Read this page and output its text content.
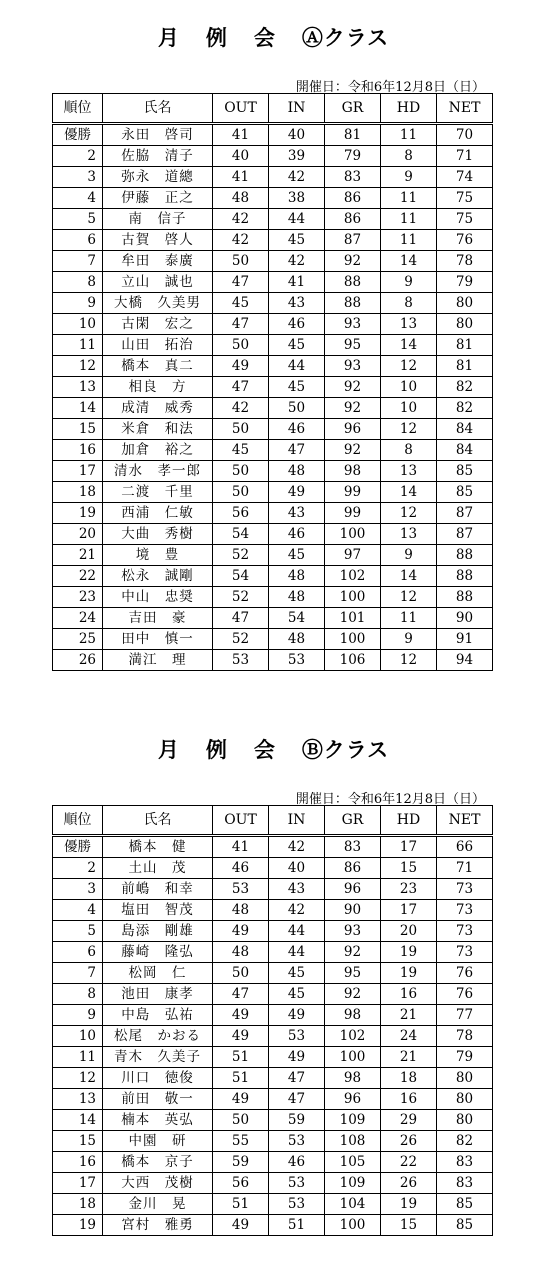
月 例 会 Ⓐクラス
開催日：令和6年12月8日（日）
順位	氏名	OUT	IN	GR	HD	NET
優勝	永田　啓司	41	40	81	11	70
2	佐脇　清子	40	39	79	8	71
3	弥永　道總	41	42	83	9	74
4	伊藤　正之	48	38	86	11	75
5	南　信子	42	44	86	11	75
6	古賀　啓人	42	45	87	11	76
7	牟田　泰廣	50	42	92	14	78
8	立山　誠也	47	41	88	9	79
9	大橋　久美男	45	43	88	8	80
10	古閑　宏之	47	46	93	13	80
11	山田　拓治	50	45	95	14	81
12	橋本　真二	49	44	93	12	81
13	相良　方	47	45	92	10	82
14	成清　威秀	42	50	92	10	82
15	米倉　和法	50	46	96	12	84
16	加倉　裕之	45	47	92	8	84
17	清水　孝一郎	50	48	98	13	85
18	二渡　千里	50	49	99	14	85
19	西浦　仁敏	56	43	99	12	87
20	大曲　秀樹	54	46	100	13	87
21	境　豊	52	45	97	9	88
22	松永　誠剛	54	48	102	14	88
23	中山　忠奨	52	48	100	12	88
24	吉田　豪	47	54	101	11	90
25	田中　慎一	52	48	100	9	91
26	満江　理	53	53	106	12	94
月 例 会 Ⓑクラス
開催日：令和6年12月8日（日）
順位	氏名	OUT	IN	GR	HD	NET
優勝	橋本　健	41	42	83	17	66
2	土山　茂	46	40	86	15	71
3	前嶋　和幸	53	43	96	23	73
4	塩田　智茂	48	42	90	17	73
5	島添　剛雄	49	44	93	20	73
6	藤崎　隆弘	48	44	92	19	73
7	松岡　仁	50	45	95	19	76
8	池田　康孝	47	45	92	16	76
9	中島　弘祐	49	49	98	21	77
10	松尾　かおる	49	53	102	24	78
11	青木　久美子	51	49	100	21	79
12	川口　徳俊	51	47	98	18	80
13	前田　敬一	49	47	96	16	80
14	楠本　英弘	50	59	109	29	80
15	中園　研	55	53	108	26	82
16	橋本　京子	59	46	105	22	83
17	大西　茂樹	56	53	109	26	83
18	金川　晃	51	53	104	19	85
19	宮村　雅勇	49	51	100	15	85
